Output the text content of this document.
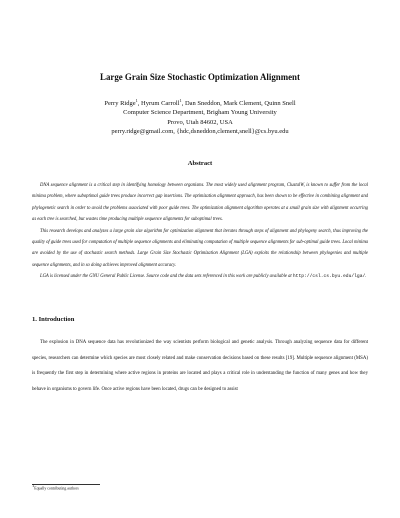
Large Grain Size Stochastic Optimization Alignment
Perry Ridge$^1$, Hyrum Carroll$^1$, Dan Sneddon, Mark Clement, Quinn Snell
Computer Science Department, Brigham Young University
Provo, Utah 84602, USA
perry.ridge@gmail.com, {hdc,dsneddon,clement,snell}@cs.byu.edu
Abstract

DNA sequence alignment is a critical step in identifying homology between organisms. The most widely used alignment program, ClustalW, is known to suffer from the local minima problem, where suboptimal guide trees produce incorrect gap insertions. The optimization alignment approach, has been shown to be effective in combining alignment and phylogenetic search in order to avoid the problems associated with poor guide trees. The optimization alignment algorithm operates at a small grain size with alignment occurring as each tree is searched, but wastes time producing multiple sequence alignments for suboptimal trees.

This research develops and analyzes a large grain size algorithm for optimization alignment that iterates through steps of alignment and phylogeny search, thus improving the quality of guide trees used for computation of multiple sequence alignments and eliminating computation of multiple sequence alignments for sub-optimal guide trees. Local minima are avoided by the use of stochastic search methods. Large Grain Size Stochastic Optimization Alignment (LGA) exploits the relationship between phylogenies and multiple sequence alignments, and in so doing achieves improved alignment accuracy.

LGA is licensed under the GNU General Public License. Source code and the data sets referenced in this work are publicly available at http://csl.cs.byu.edu/lga/.

1. Introduction

The explosion in DNA sequence data has revolutionized the way scientists perform biological and genetic analysis. Through analyzing sequence data for different species, researchers can determine which species are most closely related and make conservation decisions based on these results [19]. Multiple sequence alignment (MSA) is frequently the first step in determining where active regions in proteins are located and plays a critical role in understanding the function of many genes and how they behave in organisms to govern life. Once active regions have been located, drugs can be designed to assist

$^1$Equally contributing authors
